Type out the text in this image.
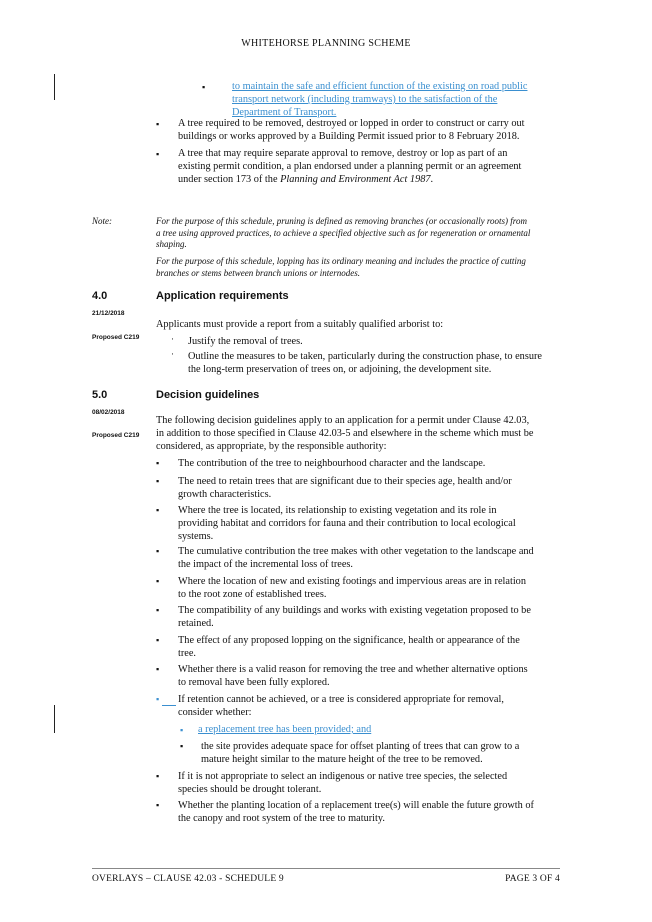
WHITEHORSE PLANNING SCHEME
▪	to maintain the safe and efficient function of the existing on road public
transport network (including tramways) to the satisfaction of the
Department of Transport.
▪ A tree required to be removed, destroyed or lopped in order to construct or carry out
buildings or works approved by a Building Permit issued prior to 8 February 2018.
▪ A tree that may require separate approval to remove, destroy or lop as part of an
existing permit condition, a plan endorsed under a planning permit or an agreement
under section 173 of the Planning and Environment Act 1987.
Note:	For the purpose of this schedule, pruning is defined as removing branches (or occasionally roots) from
a tree using approved practices, to achieve a specified objective such as for regeneration or ornamental
shaping.
For the purpose of this schedule, lopping has its ordinary meaning and includes the practice of cutting
branches or stems between branch unions or internodes.
4.0	Application requirements
21/12/2018
Proposed C219
Applicants must provide a report from a suitably qualified arborist to:
· Justify the removal of trees.
· Outline the measures to be taken, particularly during the construction phase, to ensure
the long-term preservation of trees on, or adjoining, the development site.
5.0	Decision guidelines
08/02/2018
Proposed C219
The following decision guidelines apply to an application for a permit under Clause 42.03,
in addition to those specified in Clause 42.03-5 and elsewhere in the scheme which must be
considered, as appropriate, by the responsible authority:
▪ The contribution of the tree to neighbourhood character and the landscape.
▪ The need to retain trees that are significant due to their species age, health and/or
growth characteristics.
▪ Where the tree is located, its relationship to existing vegetation and its role in
providing habitat and corridors for fauna and their contribution to local ecological
systems.
▪ The cumulative contribution the tree makes with other vegetation to the landscape and
the impact of the incremental loss of trees.
▪ Where the location of new and existing footings and impervious areas are in relation
to the root zone of established trees.
▪ The compatibility of any buildings and works with existing vegetation proposed to be
retained.
▪ The effect of any proposed lopping on the significance, health or appearance of the
tree.
▪ Whether there is a valid reason for removing the tree and whether alternative options
to removal have been fully explored.
▪ If retention cannot be achieved, or a tree is considered appropriate for removal,
consider whether:
▪ a replacement tree has been provided; and
▪ the site provides adequate space for offset planting of trees that can grow to a
mature height similar to the mature height of the tree to be removed.
▪ If it is not appropriate to select an indigenous or native tree species, the selected
species should be drought tolerant.
▪ Whether the planting location of a replacement tree(s) will enable the future growth of
the canopy and root system of the tree to maturity.
OVERLAYS – CLAUSE 42.03 - SCHEDULE 9	PAGE 3 OF 4
